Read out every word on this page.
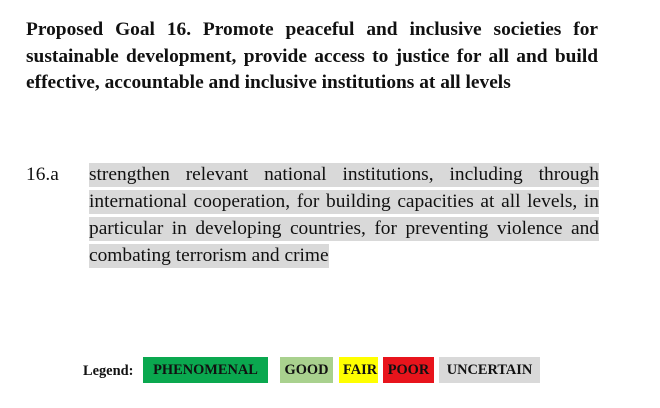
Proposed Goal 16. Promote peaceful and inclusive societies for sustainable development, provide access to justice for all and build effective, accountable and inclusive institutions at all levels
16.a strengthen relevant national institutions, including through international cooperation, for building capacities at all levels, in particular in developing countries, for preventing violence and combating terrorism and crime

Legend:	PHENOMENAL	GOOD	FAIR POOR	UNCERTAIN
